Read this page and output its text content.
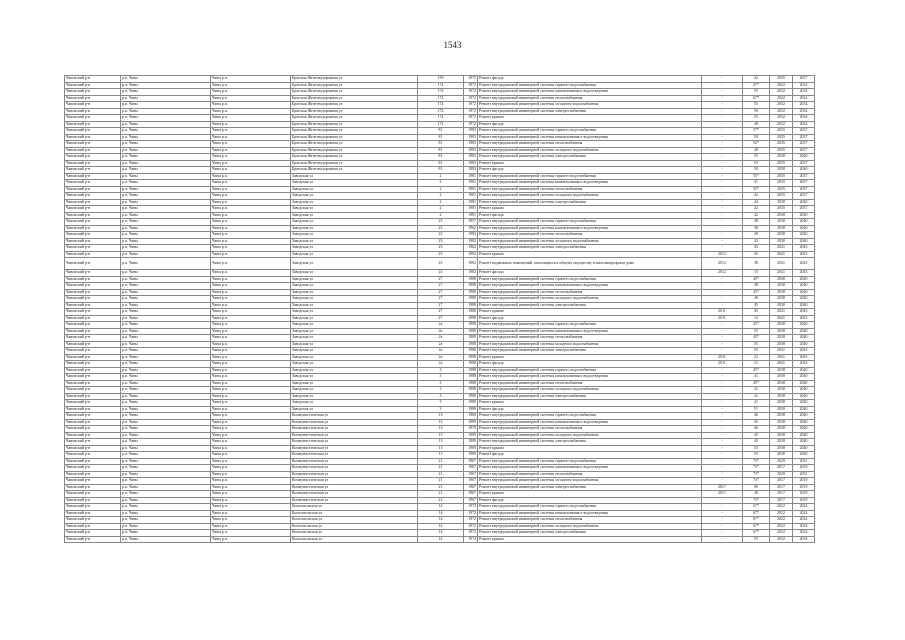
1543
Чановский р-н	р.п. Чаны	Чаны р.п.	Братская Железнодорожная ул	159	1975	Ремонт фасада	-	42	2035	2037
Чановский р-н	р.п. Чаны	Чаны р.п.	Братская Железнодорожная ул	174	1972	Ремонт внутридомовой инженерной системы горячего водоснабжения	-	67*	2022	2024
Чановский р-н	р.п. Чаны	Чаны р.п.	Братская Железнодорожная ул	174	1972	Ремонт внутридомовой инженерной системы канализования и водоотведения	-	55	2032	2034
Чановский р-н	р.п. Чаны	Чаны р.п.	Братская Железнодорожная ул	174	1972	Ремонт внутридомовой инженерной системы теплоснабжения	-	67*	2022	2024
Чановский р-н	р.п. Чаны	Чаны р.п.	Братская Железнодорожная ул	174	1972	Ремонт внутридомовой инженерной системы холодного водоснабжения	-	55	2032	2034
Чановский р-н	р.п. Чаны	Чаны р.п.	Братская Железнодорожная ул	174	1972	Ремонт внутридомовой инженерной системы электроснабжения	-	56	2032	2034
Чановский р-н	р.п. Чаны	Чаны р.п.	Братская Железнодорожная ул	174	1972	Ремонт крыши	-	55	2032	2034
Чановский р-н	р.п. Чаны	Чаны р.п.	Братская Железнодорожная ул	174	1972	Ремонт фасада	-	48	2032	2034
Чановский р-н	р.п. Чаны	Чаны р.п.	Братская Железнодорожная ул	81	1983	Ремонт внутридомовой инженерной системы горячего водоснабжения	-	57*	2035	2037
Чановский р-н	р.п. Чаны	Чаны р.п.	Братская Железнодорожная ул	81	1983	Ремонт внутридомовой инженерной системы канализования и водоотведения	-	50	2035	2037
Чановский р-н	р.п. Чаны	Чаны р.п.	Братская Железнодорожная ул	81	1983	Ремонт внутридомовой инженерной системы теплоснабжения	-	52*	2035	2037
Чановский р-н	р.п. Чаны	Чаны р.п.	Братская Железнодорожная ул	81	1983	Ремонт внутридомовой инженерной системы холодного водоснабжения	-	48	2035	2037
Чановский р-н	р.п. Чаны	Чаны р.п.	Братская Железнодорожная ул	81	1983	Ремонт внутридомовой инженерной системы электроснабжения	-	55	2038	2040
Чановский р-н	р.п. Чаны	Чаны р.п.	Братская Железнодорожная ул	81	1983	Ремонт крыши	-	55	2035	2037
Чановский р-н	р.п. Чаны	Чаны р.п.	Братская Железнодорожная ул	81	1983	Ремонт фасада	-	50	2038	2040
Чановский р-н	р.п. Чаны	Чаны р.п.	Заводская ул	2	1981	Ремонт внутридомовой инженерной системы горячего водоснабжения	-	55*	2035	2037
Чановский р-н	р.п. Чаны	Чаны р.п.	Заводская ул	2	1981	Ремонт внутридомовой инженерной системы канализования и водоотведения	-	41	2035	2037
Чановский р-н	р.п. Чаны	Чаны р.п.	Заводская ул	2	1981	Ремонт внутридомовой инженерной системы теплоснабжения	-	55*	2035	2037
Чановский р-н	р.п. Чаны	Чаны р.п.	Заводская ул	2	1981	Ремонт внутридомовой инженерной системы холодного водоснабжения	-	42	2035	2037
Чановский р-н	р.п. Чаны	Чаны р.п.	Заводская ул	2	1981	Ремонт внутридомовой инженерной системы электроснабжения	-	44	2038	2040
Чановский р-н	р.п. Чаны	Чаны р.п.	Заводская ул	2	1981	Ремонт крыши	-	32	2035	2037
Чановский р-н	р.п. Чаны	Чаны р.п.	Заводская ул	2	1981	Ремонт фасада	-	42	2038	2040
Чановский р-н	р.п. Чаны	Чаны р.п.	Заводская ул	23	1957	Ремонт внутридомовой инженерной системы горячего водоснабжения	-	38	2038	2040
Чановский р-н	р.п. Чаны	Чаны р.п.	Заводская ул	23	1962	Ремонт внутридомовой инженерной системы канализования и водоотведения	-	38	2038	2040
Чановский р-н	р.п. Чаны	Чаны р.п.	Заводская ул	23	1983	Ремонт внутридомовой инженерной системы теплоснабжения	-	38	2038	2040
Чановский р-н	р.п. Чаны	Чаны р.п.	Заводская ул	23	1982	Ремонт внутридомовой инженерной системы холодного водоснабжения	-	42	2038	2040
Чановский р-н	р.п. Чаны	Чаны р.п.	Заводская ул	23	1962	Ремонт внутридомовой инженерной системы электроснабжения	-	45	2041	2043
Чановский р-н	р.п. Чаны	Чаны р.п.	Заводская ул	23	1982	Ремонт крыши	2012	45	2041	2043
Чановский р-н	р.п. Чаны	Чаны р.п.	Заводская ул	23	1982	Ремонт подвальных помещений, относящихся к общему имуществу в многоквартирном доме	2012	38	2041	2043
Чановский р-н	р.п. Чаны	Чаны р.п.	Заводская ул	23	1982	Ремонт фасада	2012	15	2041	2043
Чановский р-н	р.п. Чаны	Чаны р.п.	Заводская ул	27	1988	Ремонт внутридомовой инженерной системы горячего водоснабжения	-	45*	2038	2040
Чановский р-н	р.п. Чаны	Чаны р.п.	Заводская ул	27	1988	Ремонт внутридомовой инженерной системы канализования и водоотведения	-	48	2038	2040
Чановский р-н	р.п. Чаны	Чаны р.п.	Заводская ул	27	1988	Ремонт внутридомовой инженерной системы теплоснабжения	-	45*	2038	2040
Чановский р-н	р.п. Чаны	Чаны р.п.	Заводская ул	27	1988	Ремонт внутридомовой инженерной системы холодного водоснабжения	-	48	2038	2040
Чановский р-н	р.п. Чаны	Чаны р.п.	Заводская ул	27	1988	Ремонт внутридомовой инженерной системы электроснабжения	-	45	2038	2040
Чановский р-н	р.п. Чаны	Чаны р.п.	Заводская ул	27	1988	Ремонт крыши	2011	45	2041	2043
Чановский р-н	р.п. Чаны	Чаны р.п.	Заводская ул	27	1988	Ремонт фасада	2011	12	2041	2043
Чановский р-н	р.п. Чаны	Чаны р.п.	Заводская ул	2а	1988	Ремонт внутридомовой инженерной системы горячего водоснабжения	-	45*	2038	2040
Чановский р-н	р.п. Чаны	Чаны р.п.	Заводская ул	2а	1988	Ремонт внутридомовой инженерной системы канализования и водоотведения	-	55	2038	2040
Чановский р-н	р.п. Чаны	Чаны р.п.	Заводская ул	2а	1988	Ремонт внутридомовой инженерной системы теплоснабжения	-	45*	2038	2040
Чановский р-н	р.п. Чаны	Чаны р.п.	Заводская ул	2а	1988	Ремонт внутридомовой инженерной системы холодного водоснабжения	-	55	2038	2040
Чановский р-н	р.п. Чаны	Чаны р.п.	Заводская ул	2а	1988	Ремонт внутридомовой инженерной системы электроснабжения	-	35	2041	2043
Чановский р-н	р.п. Чаны	Чаны р.п.	Заводская ул	2а	1988	Ремонт крыши	2011	23	2041	2043
Чановский р-н	р.п. Чаны	Чаны р.п.	Заводская ул	2а	1988	Ремонт фасада	2011	21	2041	2043
Чановский р-н	р.п. Чаны	Чаны р.п.	Заводская ул	3	1988	Ремонт внутридомовой инженерной системы горячего водоснабжения	-	45*	2038	2040
Чановский р-н	р.п. Чаны	Чаны р.п.	Заводская ул	3	1988	Ремонт внутридомовой инженерной системы канализования и водоотведения	-	41	2038	2040
Чановский р-н	р.п. Чаны	Чаны р.п.	Заводская ул	3	1988	Ремонт внутридомовой инженерной системы теплоснабжения	-	45*	2038	2040
Чановский р-н	р.п. Чаны	Чаны р.п.	Заводская ул	3	1988	Ремонт внутридомовой инженерной системы холодного водоснабжения	-	41	2038	2040
Чановский р-н	р.п. Чаны	Чаны р.п.	Заводская ул	3	1988	Ремонт внутридомовой инженерной системы электроснабжения	-	41	2038	2040
Чановский р-н	р.п. Чаны	Чаны р.п.	Заводская ул	3	1988	Ремонт крыши	-	41	2038	2040
Чановский р-н	р.п. Чаны	Чаны р.п.	Заводская ул	3	1988	Ремонт фасада	-	51	2038	2040
Чановский р-н	р.п. Чаны	Чаны р.п.	Коммунистическая ул	13	1969	Ремонт внутридомовой инженерной системы горячего водоснабжения	-	46	2038	2040
Чановский р-н	р.п. Чаны	Чаны р.п.	Коммунистическая ул	13	1989	Ремонт внутридомовой инженерной системы канализования и водоотведения	-	45	2038	2040
Чановский р-н	р.п. Чаны	Чаны р.п.	Коммунистическая ул	13	1970	Ремонт внутридомовой инженерной системы теплоснабжения	-	46	2038	2040
Чановский р-н	р.п. Чаны	Чаны р.п.	Коммунистическая ул	13	1989	Ремонт внутридомовой инженерной системы холодного водоснабжения	-	45	2038	2040
Чановский р-н	р.п. Чаны	Чаны р.п.	Коммунистическая ул	13	1989	Ремонт внутридомовой инженерной системы электроснабжения	-	45	2038	2040
Чановский р-н	р.п. Чаны	Чаны р.п.	Коммунистическая ул	13	1969	Ремонт крыши	-	53	2038	2040
Чановский р-н	р.п. Чаны	Чаны р.п.	Коммунистическая ул	13	1989	Ремонт фасада	-	55	2038	2040
Чановский р-н	р.п. Чаны	Чаны р.п.	Коммунистическая ул	21	1967	Ремонт внутридомовой инженерной системы горячего водоснабжения	-	73*	2029	2031
Чановский р-н	р.п. Чаны	Чаны р.п.	Коммунистическая ул	21	1967	Ремонт внутридомовой инженерной системы канализования и водоотведения	-	73*	2017	2019
Чановский р-н	р.п. Чаны	Чаны р.п.	Коммунистическая ул	21	1967	Ремонт внутридомовой инженерной системы теплоснабжения	-	73*	2029	2031
Чановский р-н	р.п. Чаны	Чаны р.п.	Коммунистическая ул	21	1967	Ремонт внутридомовой инженерной системы холодного водоснабжения	-	73*	2017	2019
Чановский р-н	р.п. Чаны	Чаны р.п.	Коммунистическая ул	21	1967	Ремонт внутридомовой инженерной системы электроснабжения	2017	90	2017	2019
Чановский р-н	р.п. Чаны	Чаны р.п.	Коммунистическая ул	21	1967	Ремонт крыши	2017	40	2017	2019
Чановский р-н	р.п. Чаны	Чаны р.п.	Коммунистическая ул	21	1967	Ремонт фасада	-	73*	2017	2019
Чановский р-н	р.п. Чаны	Чаны р.п.	Комсомольская ул	14	1972	Ремонт внутридомовой инженерной системы горячего водоснабжения	-	67*	2022	2024
Чановский р-н	р.п. Чаны	Чаны р.п.	Комсомольская ул	14	1972	Ремонт внутридомовой инженерной системы канализования и водоотведения	-	67*	2022	2024
Чановский р-н	р.п. Чаны	Чаны р.п.	Комсомольская ул	14	1972	Ремонт внутридомовой инженерной системы теплоснабжения	-	67*	2022	2024
Чановский р-н	р.п. Чаны	Чаны р.п.	Комсомольская ул	14	1972	Ремонт внутридомовой инженерной системы холодного водоснабжения	-	67*	2022	2024
Чановский р-н	р.п. Чаны	Чаны р.п.	Комсомольская ул	14	1972	Ремонт внутридомовой инженерной системы электроснабжения	-	67*	2022	2024
Чановский р-н	р.п. Чаны	Чаны р.п.	Комсомольская ул	14	1972	Ремонт крыши	-	55	2032	2034
